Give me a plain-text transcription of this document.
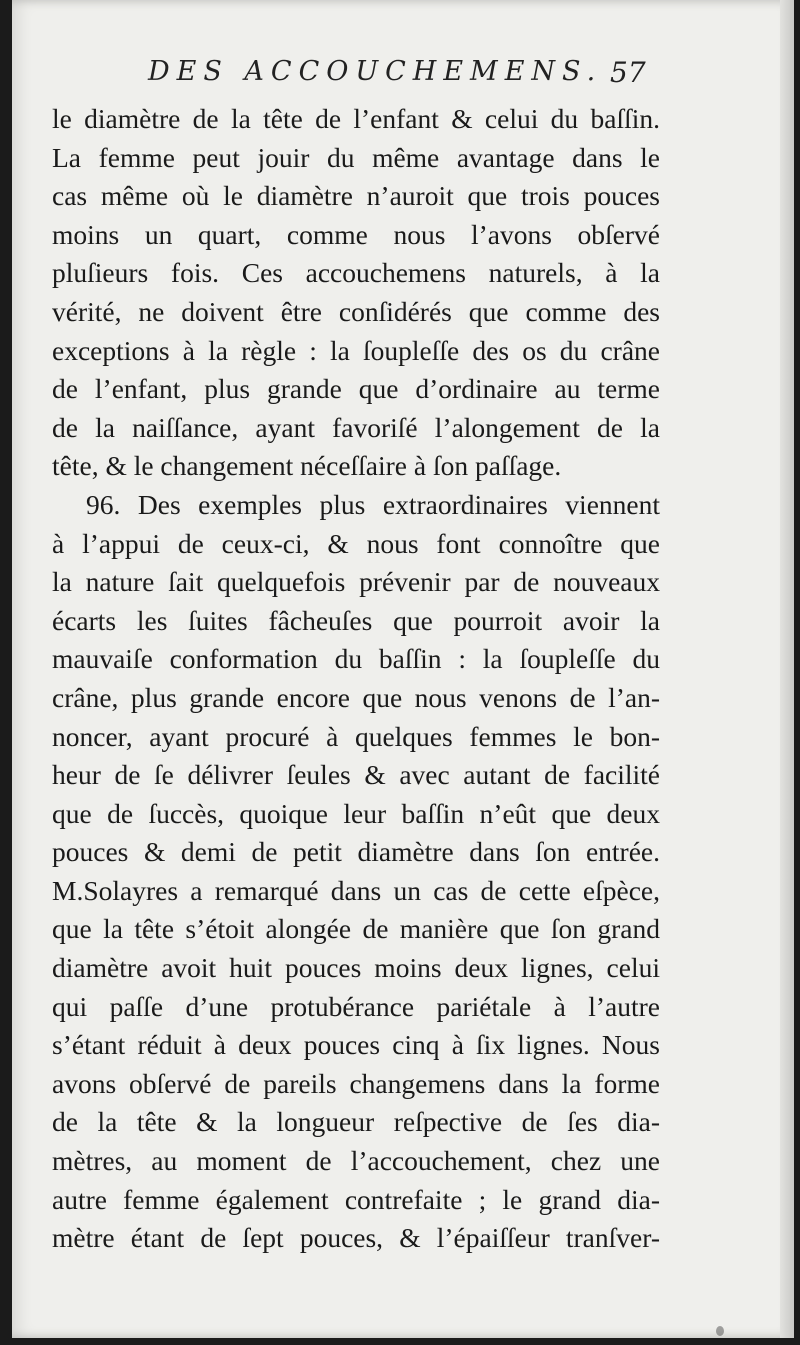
DES ACCOUCHEMENS. 57
le diamètre de la tête de l’enfant & celui du baſſin.
La femme peut jouir du même avantage dans le
cas même où le diamètre n’auroit que trois pouces
moins un quart, comme nous l’avons obſervé
pluſieurs fois. Ces accouchemens naturels, à la
vérité, ne doivent être conſidérés que comme des
exceptions à la règle : la ſoupleſſe des os du crâne
de l’enfant, plus grande que d’ordinaire au terme
de la naiſſance, ayant favoriſé l’alongement de la
tête, & le changement néceſſaire à ſon paſſage.
96. Des exemples plus extraordinaires viennent
à l’appui de ceux-ci, & nous font connoître que
la nature ſait quelquefois prévenir par de nouveaux
écarts les ſuites fâcheuſes que pourroit avoir la
mauvaiſe conformation du baſſin : la ſoupleſſe du
crâne, plus grande encore que nous venons de l’an-
noncer, ayant procuré à quelques femmes le bon-
heur de ſe délivrer ſeules & avec autant de facilité
que de ſuccès, quoique leur baſſin n’eût que deux
pouces & demi de petit diamètre dans ſon entrée.
M.Solayres a remarqué dans un cas de cette eſpèce,
que la tête s’étoit alongée de manière que ſon grand
diamètre avoit huit pouces moins deux lignes, celui
qui paſſe d’une protubérance pariétale à l’autre
s’étant réduit à deux pouces cinq à ſix lignes. Nous
avons obſervé de pareils changemens dans la forme
de la tête & la longueur reſpective de ſes dia-
mètres, au moment de l’accouchement, chez une
autre femme également contrefaite ; le grand dia-
mètre étant de ſept pouces, & l’épaiſſeur tranſver-
